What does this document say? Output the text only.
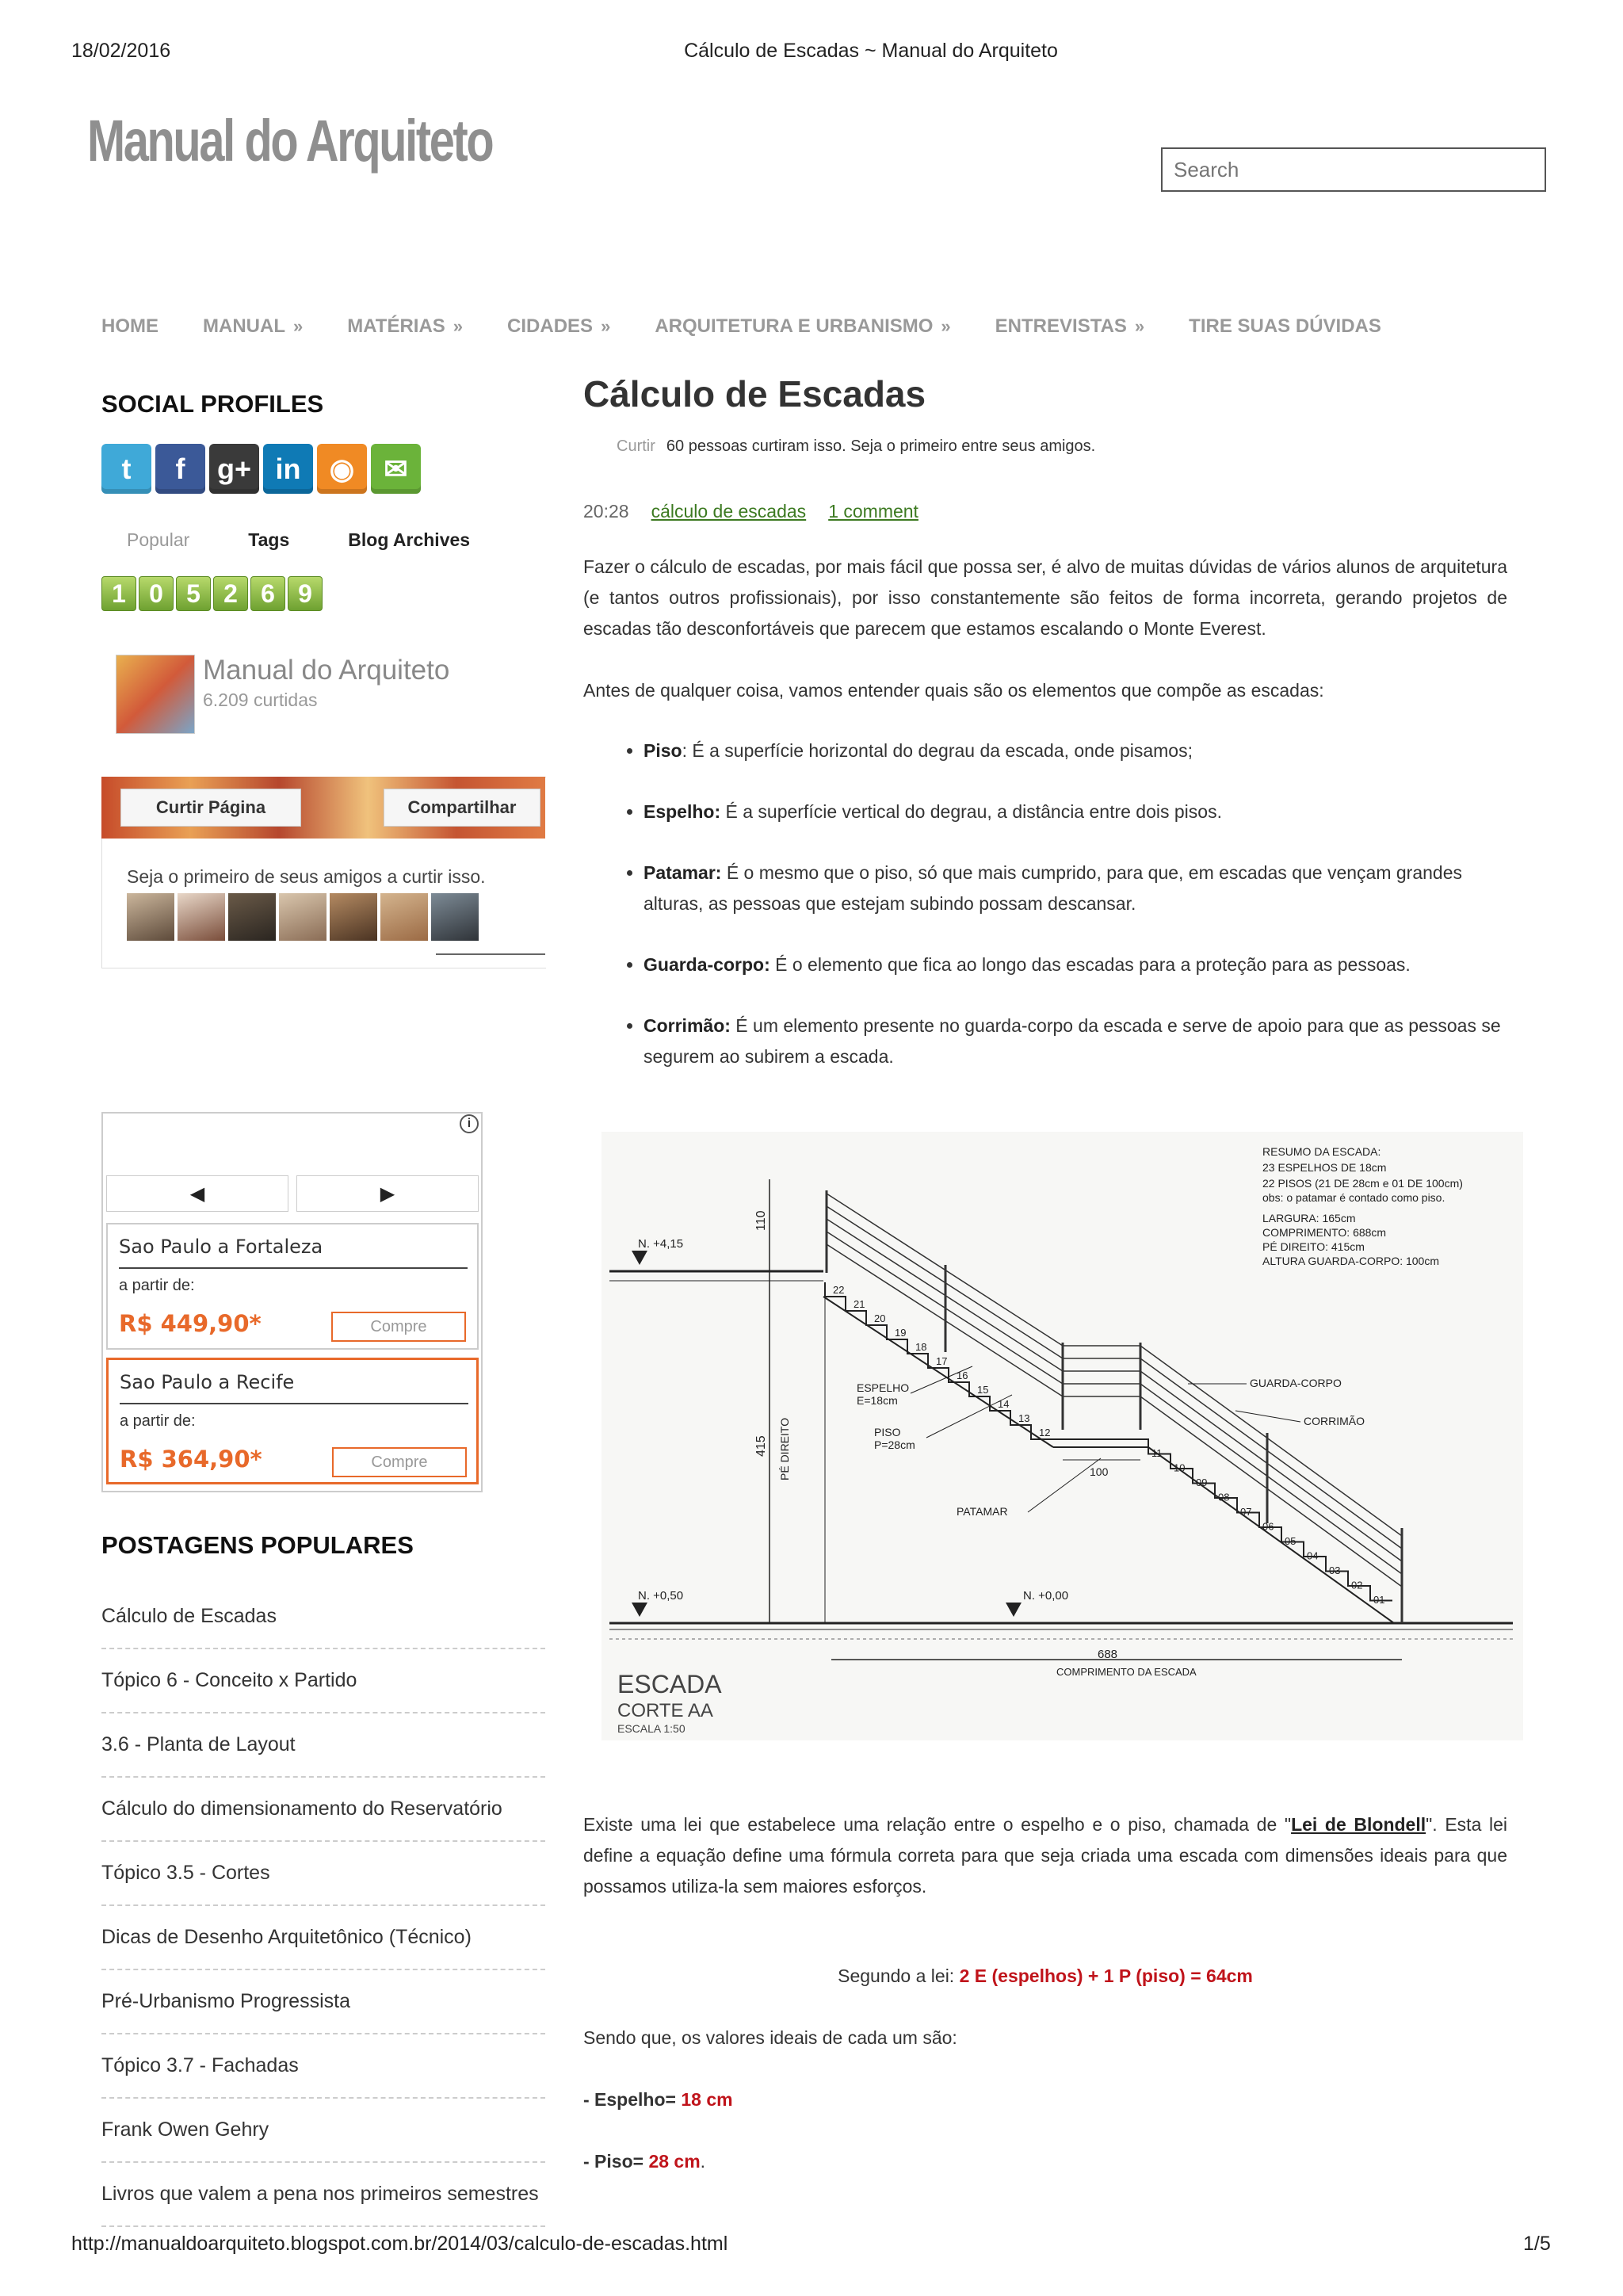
18/02/2016	Cálculo de Escadas ~ Manual do Arquiteto
http://manualdoarquiteto.blogspot.com.br/2014/03/calculo-de-escadas.html	1/5
Manual do Arquiteto
Search
HOME MANUAL » MATÉRIAS » CIDADES » ARQUITETURA E URBANISMO » ENTREVISTAS » TIRE SUAS DÚVIDAS
SOCIAL PROFILES
t	f	g+ in	◉	✉
Popular	Tags	Blog Archives
1 0 5 2 6 9
Manual do Arquiteto
6.209 curtidas
Curtir Página	Compartilhar
Seja o primeiro de seus amigos a curtir isso.
i
◀	▶
Sao Paulo a Fortaleza
a partir de:
R$ 449,90*	Compre
Sao Paulo a Recife
a partir de:
R$ 364,90*	Compre
POSTAGENS POPULARES
Cálculo de Escadas
Tópico 6 - Conceito x Partido
3.6 - Planta de Layout
Cálculo do dimensionamento do Reservatório
Tópico 3.5 - Cortes
Dicas de Desenho Arquitetônico (Técnico)
Pré-Urbanismo Progressista
Tópico 3.7 - Fachadas
Frank Owen Gehry
Livros que valem a pena nos primeiros semestres
Cálculo de Escadas
Curtir 60 pessoas curtiram isso. Seja o primeiro entre seus amigos.
20:28 cálculo de escadas 1 comment

Fazer o cálculo de escadas, por mais fácil que possa ser, é alvo de muitas dúvidas de vários alunos de arquitetura (e tantos outros profissionais), por isso constantemente são feitos de forma incorreta, gerando projetos de escadas tão desconfortáveis que parecem que estamos escalando o Monte Everest.

Antes de qualquer coisa, vamos entender quais são os elementos que compõe as escadas:

• Piso: É a superfície horizontal do degrau da escada, onde pisamos;
• Espelho: É a superfície vertical do degrau, a distância entre dois pisos.
• Patamar: É o mesmo que o piso, só que mais cumprido, para que, em escadas que vençam grandes alturas, as pessoas que estejam subindo possam descansar.
• Guarda-corpo: É o elemento que fica ao longo das escadas para a proteção para as pessoas.
• Corrimão: É um elemento presente no guarda-corpo da escada e serve de apoio para que as pessoas se segurem ao subirem a escada.
22
21
20
19
18
17
16
15
14
13
12
11
10
09
08
07
06
05
04
03
02
01
110
415 PÉ DIREITO	100
688
COMPRIMENTO DA ESCADA
N. +4,15
N. +0,50	N. +0,00
ESPELHO
E=18cm
PISO
P=28cm
PATAMAR
GUARDA-CORPO
CORRIMÃO
RESUMO DA ESCADA:
23 ESPELHOS DE 18cm
22 PISOS (21 DE 28cm e 01 DE 100cm)
obs: o patamar é contado como piso.
LARGURA: 165cm
COMPRIMENTO: 688cm
PÉ DIREITO: 415cm
ALTURA GUARDA-CORPO: 100cm
ESCADA
CORTE AA
ESCALA 1:50

Existe uma lei que estabelece uma relação entre o espelho e o piso, chamada de "Lei de Blondell". Esta lei define a equação define uma fórmula correta para que seja criada uma escada com dimensões ideais para que possamos utiliza-la sem maiores esforços.

Segundo a lei: 2 E (espelhos) + 1 P (piso) = 64cm
Sendo que, os valores ideais de cada um são:
- Espelho= 18 cm
- Piso= 28 cm.
